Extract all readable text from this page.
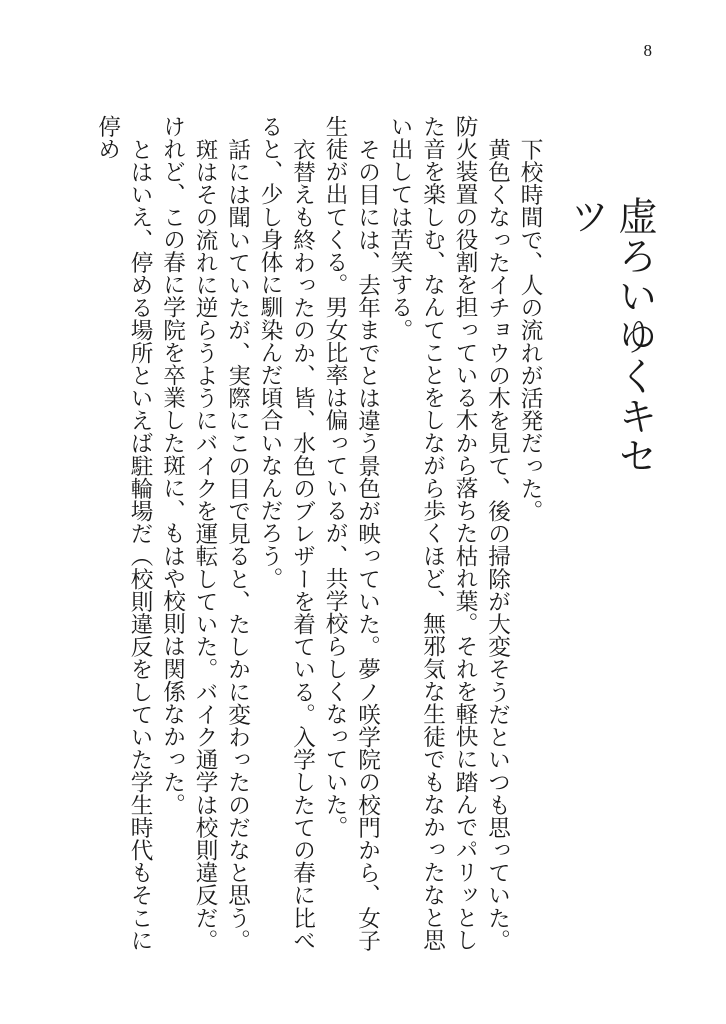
8
虚ろいゆくキセツ

下校時間で、人の流れが活発だった。

黄色くなったイチョウの木を見て、後の掃除が大変そうだといつも思っていた。防火装置の役割を担っている木から落ちた枯れ葉。それを軽快に踏んでパリッとした音を楽しむ、なんてことをしながら歩くほど、無邪気な生徒でもなかったなと思い出しては苦笑する。

その目には、去年までとは違う景色が映っていた。夢ノ咲学院の校門から、女子生徒が出てくる。男女比率は偏っているが、共学校らしくなっていた。

衣替えも終わったのか、皆、水色のブレザーを着ている。入学したての春に比べると、少し身体に馴染んだ頃合いなんだろう。

話には聞いていたが、実際にこの目で見ると、たしかに変わったのだなと思う。

斑はその流れに逆らうようにバイクを運転していた。バイク通学は校則違反だ。けれど、この春に学院を卒業した斑に、もはや校則は関係なかった。

とはいえ、停める場所といえば駐輪場だ（校則違反をしていた学生時代もそこに停め
